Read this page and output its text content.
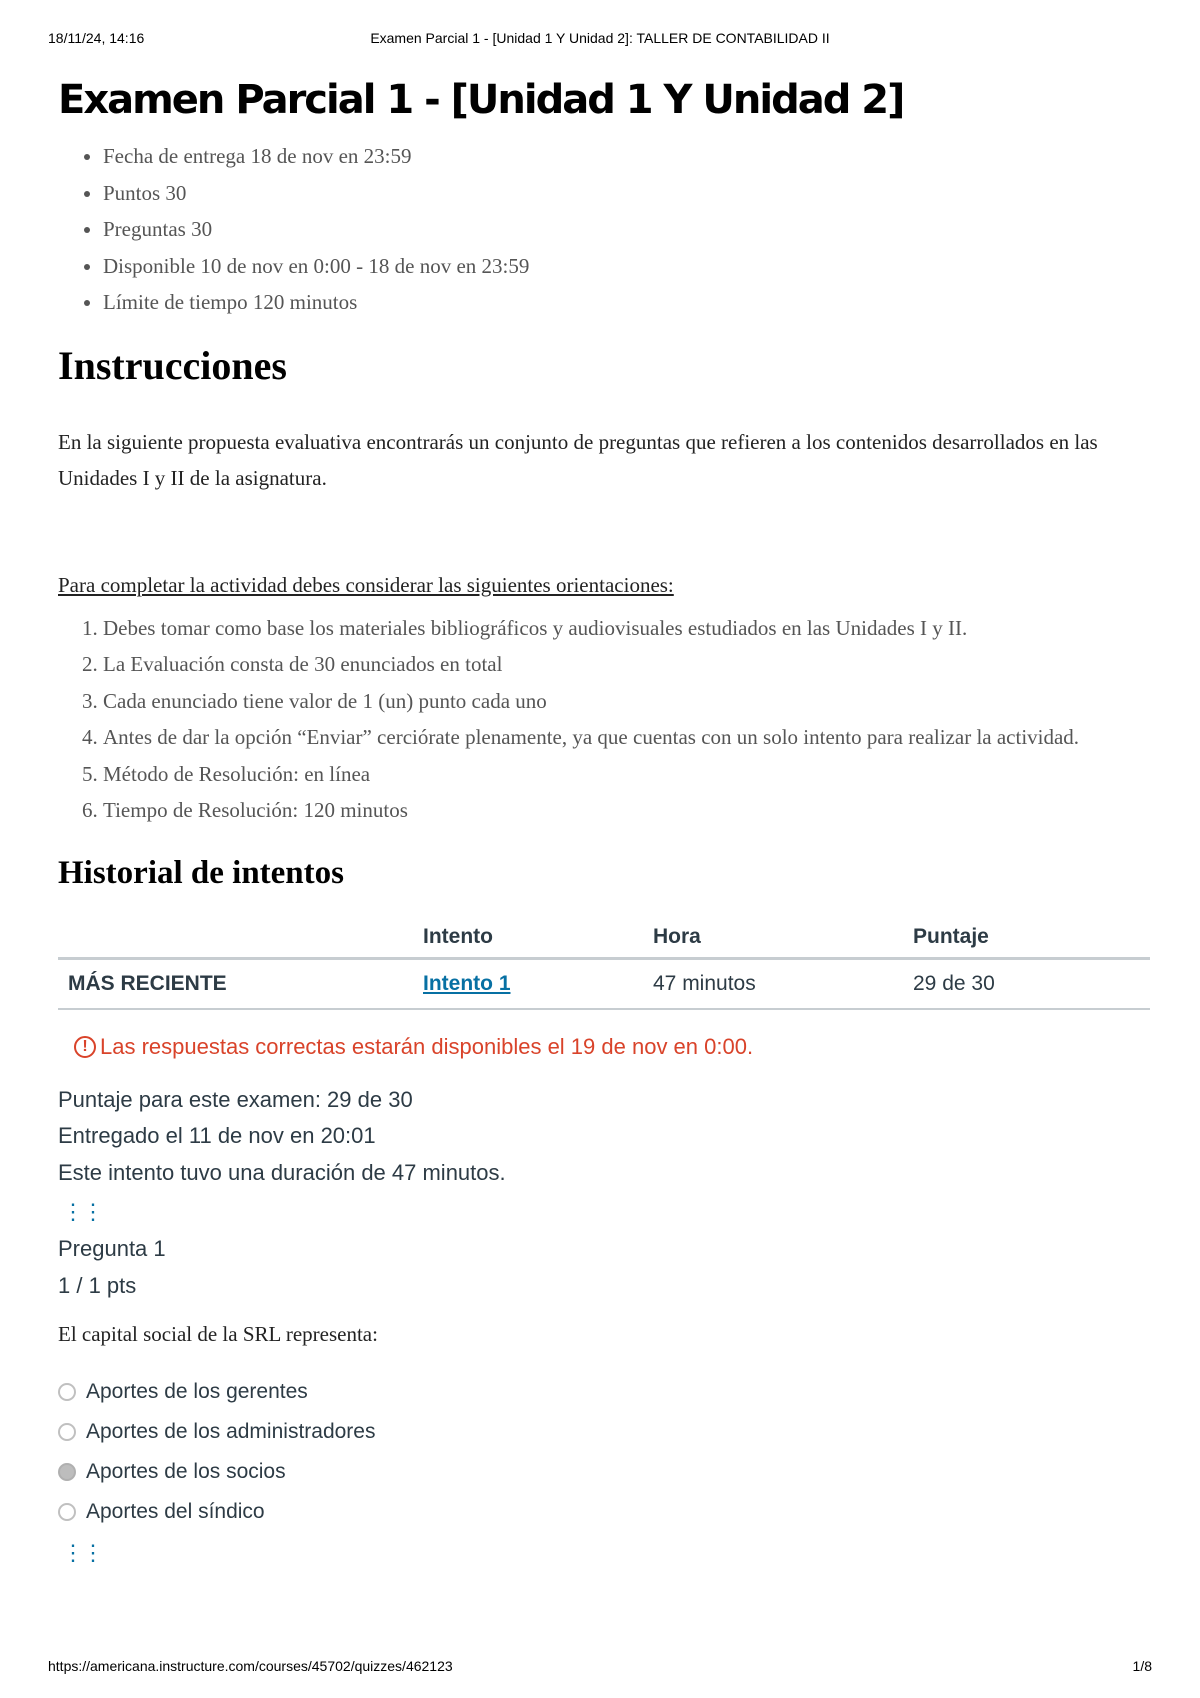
18/11/24, 14:16	Examen Parcial 1 - [Unidad 1 Y Unidad 2]: TALLER DE CONTABILIDAD II
Examen Parcial 1 - [Unidad 1 Y Unidad 2]
• Fecha de entrega 18 de nov en 23:59
• Puntos 30
• Preguntas 30
• Disponible 10 de nov en 0:00 - 18 de nov en 23:59
• Límite de tiempo 120 minutos
Instrucciones

En la siguiente propuesta evaluativa encontrarás un conjunto de preguntas que refieren a los contenidos desarrollados en las Unidades I y II de la asignatura.

Para completar la actividad debes considerar las siguientes orientaciones:

1. Debes tomar como base los materiales bibliográficos y audiovisuales estudiados en las Unidades I y II.
2. La Evaluación consta de 30 enunciados en total
3. Cada enunciado tiene valor de 1 (un) punto cada uno
4. Antes de dar la opción “Enviar” cerciórate plenamente, ya que cuentas con un solo intento para realizar la actividad.
5. Método de Resolución: en línea
6. Tiempo de Resolución: 120 minutos
Historial de intentos
	Intento	Hora	Puntaje
MÁS RECIENTE	Intento 1	47 minutos	29 de 30
! Las respuestas correctas estarán disponibles el 19 de nov en 0:00.
Puntaje para este examen: 29 de 30
Entregado el 11 de nov en 20:01
Este intento tuvo una duración de 47 minutos.
⋮⋮
Pregunta 1
1 / 1 pts

El capital social de la SRL representa:

Aportes de los gerentes
Aportes de los administradores
Aportes de los socios
Aportes del síndico
⋮⋮
https://americana.instructure.com/courses/45702/quizzes/462123	1/8
